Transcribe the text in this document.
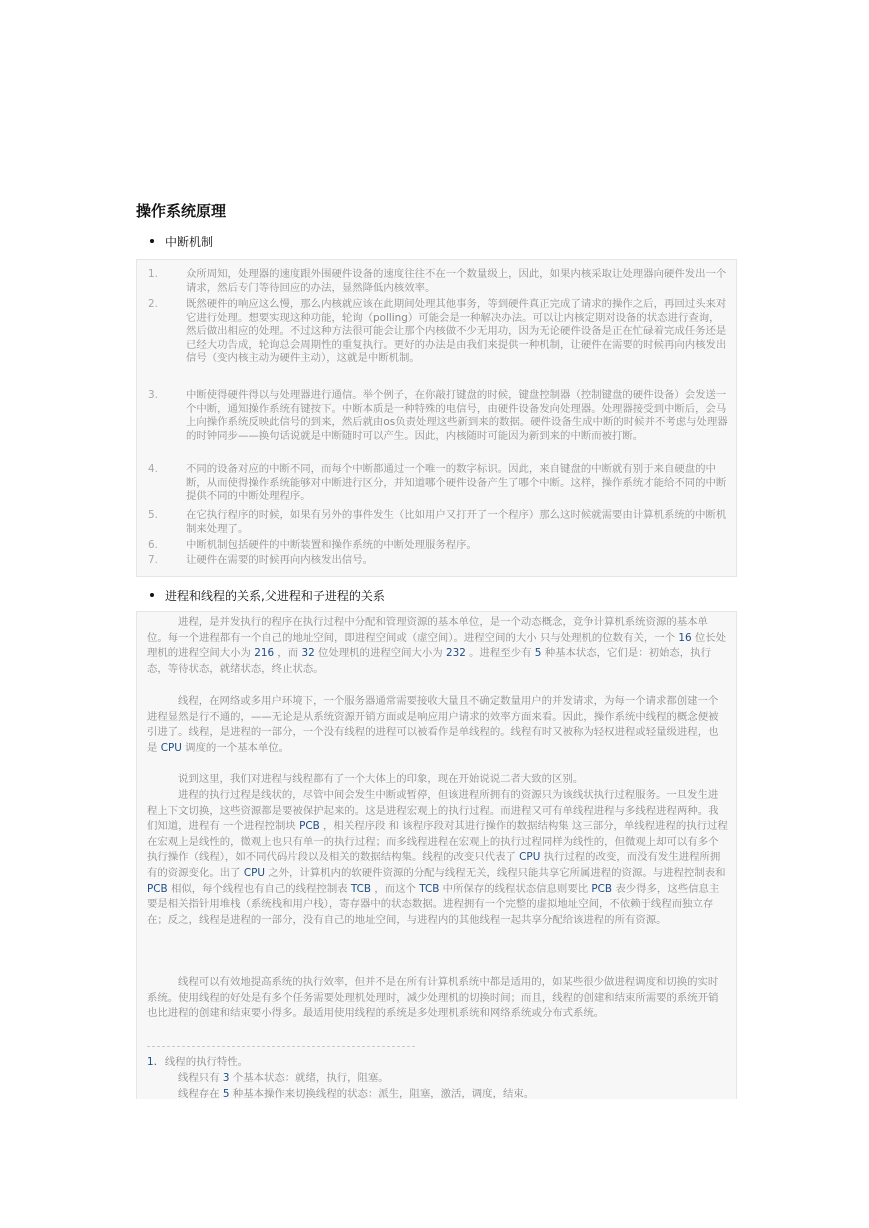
操作系统原理
中断机制
1.	众所周知，处理器的速度跟外围硬件设备的速度往往不在一个数量级上，因此，如果内核采取让处理器向硬件发出一个请求，然后专门等待回应的办法，显然降低内核效率。
2.	既然硬件的响应这么慢，那么内核就应该在此期间处理其他事务，等到硬件真正完成了请求的操作之后，再回过头来对它进行处理。想要实现这种功能，轮询（polling）可能会是一种解决办法。可以让内核定期对设备的状态进行查询，然后做出相应的处理。不过这种方法很可能会让那个内核做不少无用功，因为无论硬件设备是正在忙碌着完成任务还是已经大功告成，轮询总会周期性的重复执行。更好的办法是由我们来提供一种机制，让硬件在需要的时候再向内核发出信号（变内核主动为硬件主动），这就是中断机制。
3.	中断使得硬件得以与处理器进行通信。举个例子，在你敲打键盘的时候，键盘控制器（控制键盘的硬件设备）会发送一个中断，通知操作系统有键按下。中断本质是一种特殊的电信号，由硬件设备发向处理器。处理器接受到中断后，会马上向操作系统反映此信号的到来，然后就由os负责处理这些新到来的数据。硬件设备生成中断的时候并不考虑与处理器的时钟同步——换句话说就是中断随时可以产生。因此，内核随时可能因为新到来的中断而被打断。
4.	不同的设备对应的中断不同，而每个中断都通过一个唯一的数字标识。因此，来自键盘的中断就有别于来自硬盘的中断，从而使得操作系统能够对中断进行区分，并知道哪个硬件设备产生了哪个中断。这样，操作系统才能给不同的中断提供不同的中断处理程序。
5.	在它执行程序的时候，如果有另外的事件发生（比如用户又打开了一个程序）那么这时候就需要由计算机系统的中断机制来处理了。
6.	中断机制包括硬件的中断装置和操作系统的中断处理服务程序。
7.	让硬件在需要的时候再向内核发出信号。
进程和线程的关系,父进程和子进程的关系
进程，是并发执行的程序在执行过程中分配和管理资源的基本单位，是一个动态概念，竞争计算机系统资源的基本单位。每一个进程都有一个自己的地址空间，即进程空间或（虚空间）。进程空间的大小 只与处理机的位数有关，一个 16 位长处理机的进程空间大小为 216 ，而 32 位处理机的进程空间大小为 232 。进程至少有 5 种基本状态，它们是：初始态，执行态，等待状态，就绪状态，终止状态。
线程，在网络或多用户环境下，一个服务器通常需要接收大量且不确定数量用户的并发请求，为每一个请求都创建一个进程显然是行不通的，——无论是从系统资源开销方面或是响应用户请求的效率方面来看。因此，操作系统中线程的概念便被引进了。线程，是进程的一部分，一个没有线程的进程可以被看作是单线程的。线程有时又被称为轻权进程或轻量级进程，也是 CPU 调度的一个基本单位。
说到这里，我们对进程与线程都有了一个大体上的印象，现在开始说说二者大致的区别。
进程的执行过程是线状的，尽管中间会发生中断或暂停，但该进程所拥有的资源只为该线状执行过程服务。一旦发生进程上下文切换，这些资源都是要被保护起来的。这是进程宏观上的执行过程。而进程又可有单线程进程与多线程进程两种。我们知道，进程有 一个进程控制块 PCB ，相关程序段 和 该程序段对其进行操作的数据结构集 这三部分，单线程进程的执行过程在宏观上是线性的，微观上也只有单一的执行过程；而多线程进程在宏观上的执行过程同样为线性的，但微观上却可以有多个执行操作（线程），如不同代码片段以及相关的数据结构集。线程的改变只代表了 CPU 执行过程的改变，而没有发生进程所拥有的资源变化。出了 CPU 之外，计算机内的软硬件资源的分配与线程无关，线程只能共享它所属进程的资源。与进程控制表和 PCB 相似，每个线程也有自己的线程控制表 TCB ，而这个 TCB 中所保存的线程状态信息则要比 PCB 表少得多，这些信息主要是相关指针用堆栈（系统栈和用户栈），寄存器中的状态数据。进程拥有一个完整的虚拟地址空间，不依赖于线程而独立存在；反之，线程是进程的一部分，没有自己的地址空间，与进程内的其他线程一起共享分配给该进程的所有资源。
线程可以有效地提高系统的执行效率，但并不是在所有计算机系统中都是适用的，如某些很少做进程调度和切换的实时系统。使用线程的好处是有多个任务需要处理机处理时，减少处理机的切换时间；而且，线程的创建和结束所需要的系统开销也比进程的创建和结束要小得多。最适用使用线程的系统是多处理机系统和网络系统或分布式系统。
1. 线程的执行特性。
线程只有 3 个基本状态：就绪，执行，阻塞。
线程存在 5 种基本操作来切换线程的状态：派生，阻塞，激活，调度，结束。
